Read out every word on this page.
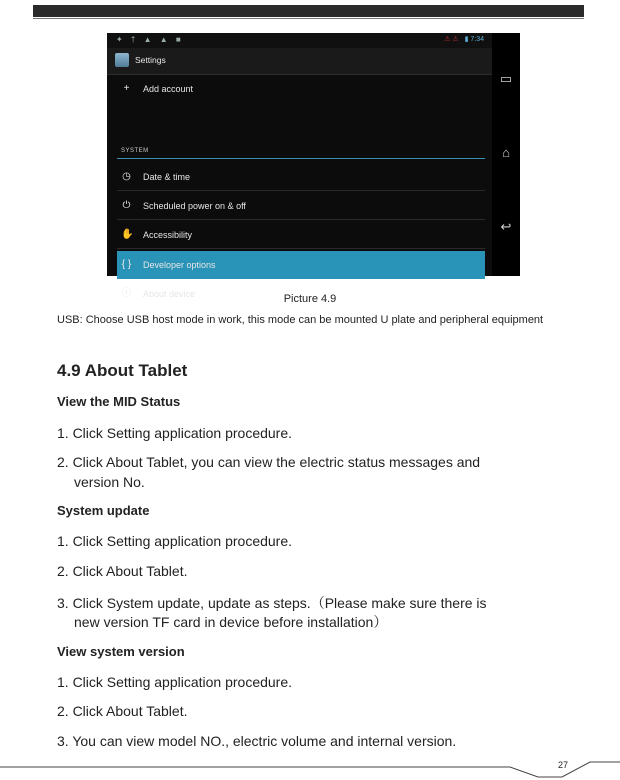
✦ † ▲ ▲ ■	⚠ ⚠ ▮ 7:34
Settings
+ Add account
SYSTEM
◷ Date & time
⏻ Scheduled power on & off
✋ Accessibility
{ } Developer options
ⓘ About device
▭
⌂
↩
Picture 4.9
USB: Choose USB host mode in work, this mode can be mounted U plate and peripheral equipment
4.9 About Tablet
View the MID Status
1. Click Setting application procedure.
2. Click About Tablet, you can view the electric status messages and
version No.
System update
1. Click Setting application procedure.
2. Click About Tablet.
3. Click System update, update as steps.（Please make sure there is
new version TF card in device before installation）
View system version
1. Click Setting application procedure.
2. Click About Tablet.
3. You can view model NO., electric volume and internal version.
27
